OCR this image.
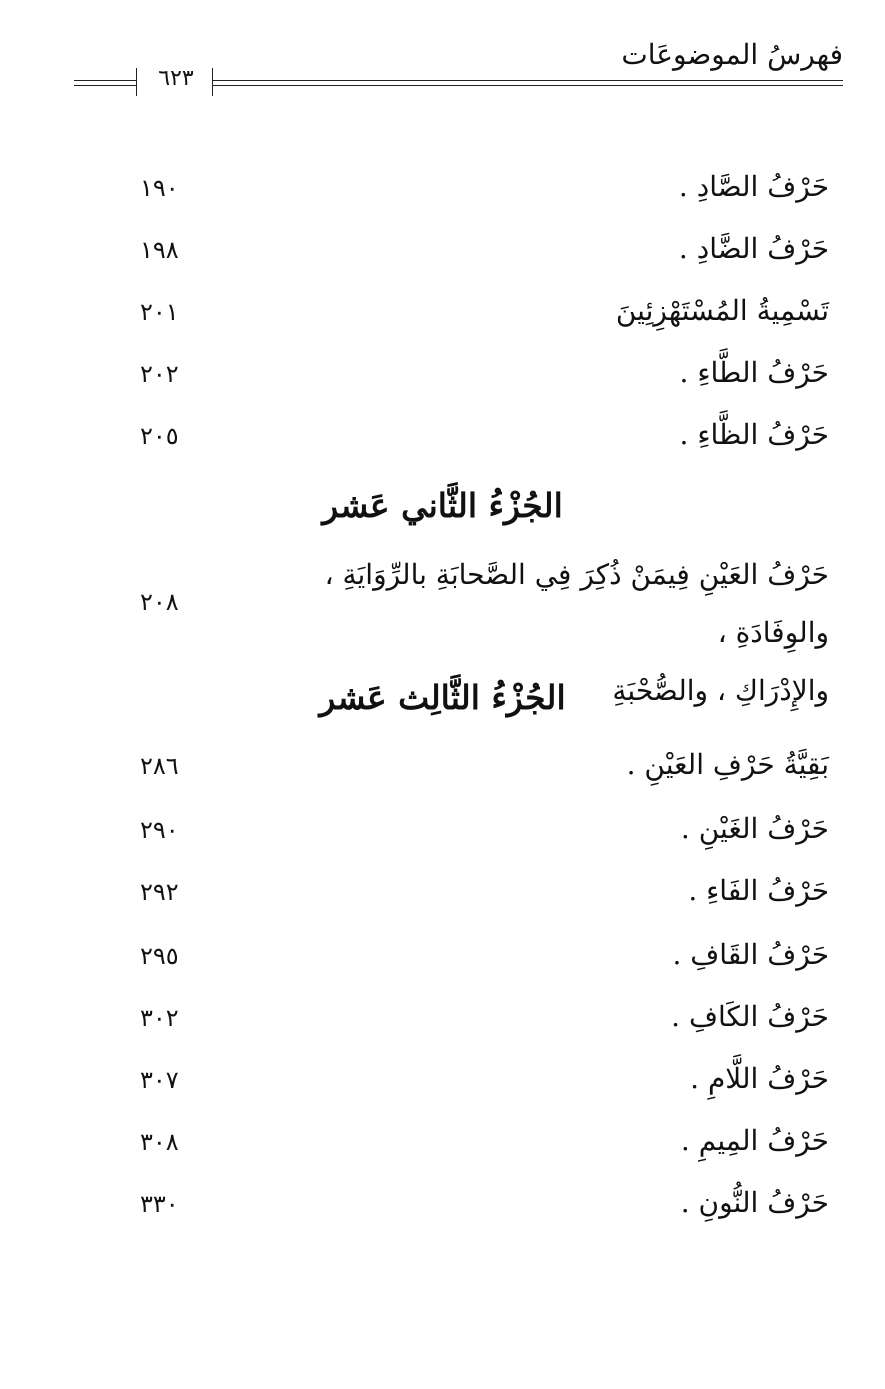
فهرسُ الموضوعَات
٦٢٣
حَرْفُ الصَّادِ .
١٩٠
حَرْفُ الضَّادِ .
١٩٨
تَسْمِيةُ المُسْتَهْزِئِينَ
٢٠١
حَرْفُ الطَّاءِ .
٢٠٢
حَرْفُ الظَّاءِ .
٢٠٥
الجُزْءُ الثَّاني عَشر
حَرْفُ العَيْنِ فِيمَنْ ذُكِرَ فِي الصَّحابَةِ بالرِّوَايَةِ ، والوِفَادَةِ ،
والإِدْرَاكِ ، والصُّحْبَةِ
٢٠٨
الجُزْءُ الثَّالِث عَشر
بَقِيَّةُ حَرْفِ العَيْنِ .
٢٨٦
حَرْفُ الغَيْنِ .
٢٩٠
حَرْفُ الفَاءِ .
٢٩٢
حَرْفُ القَافِ .
٢٩٥
حَرْفُ الكَافِ .
٣٠٢
حَرْفُ اللَّامِ .
٣٠٧
حَرْفُ المِيمِ .
٣٠٨
حَرْفُ النُّونِ .
٣٣٠
